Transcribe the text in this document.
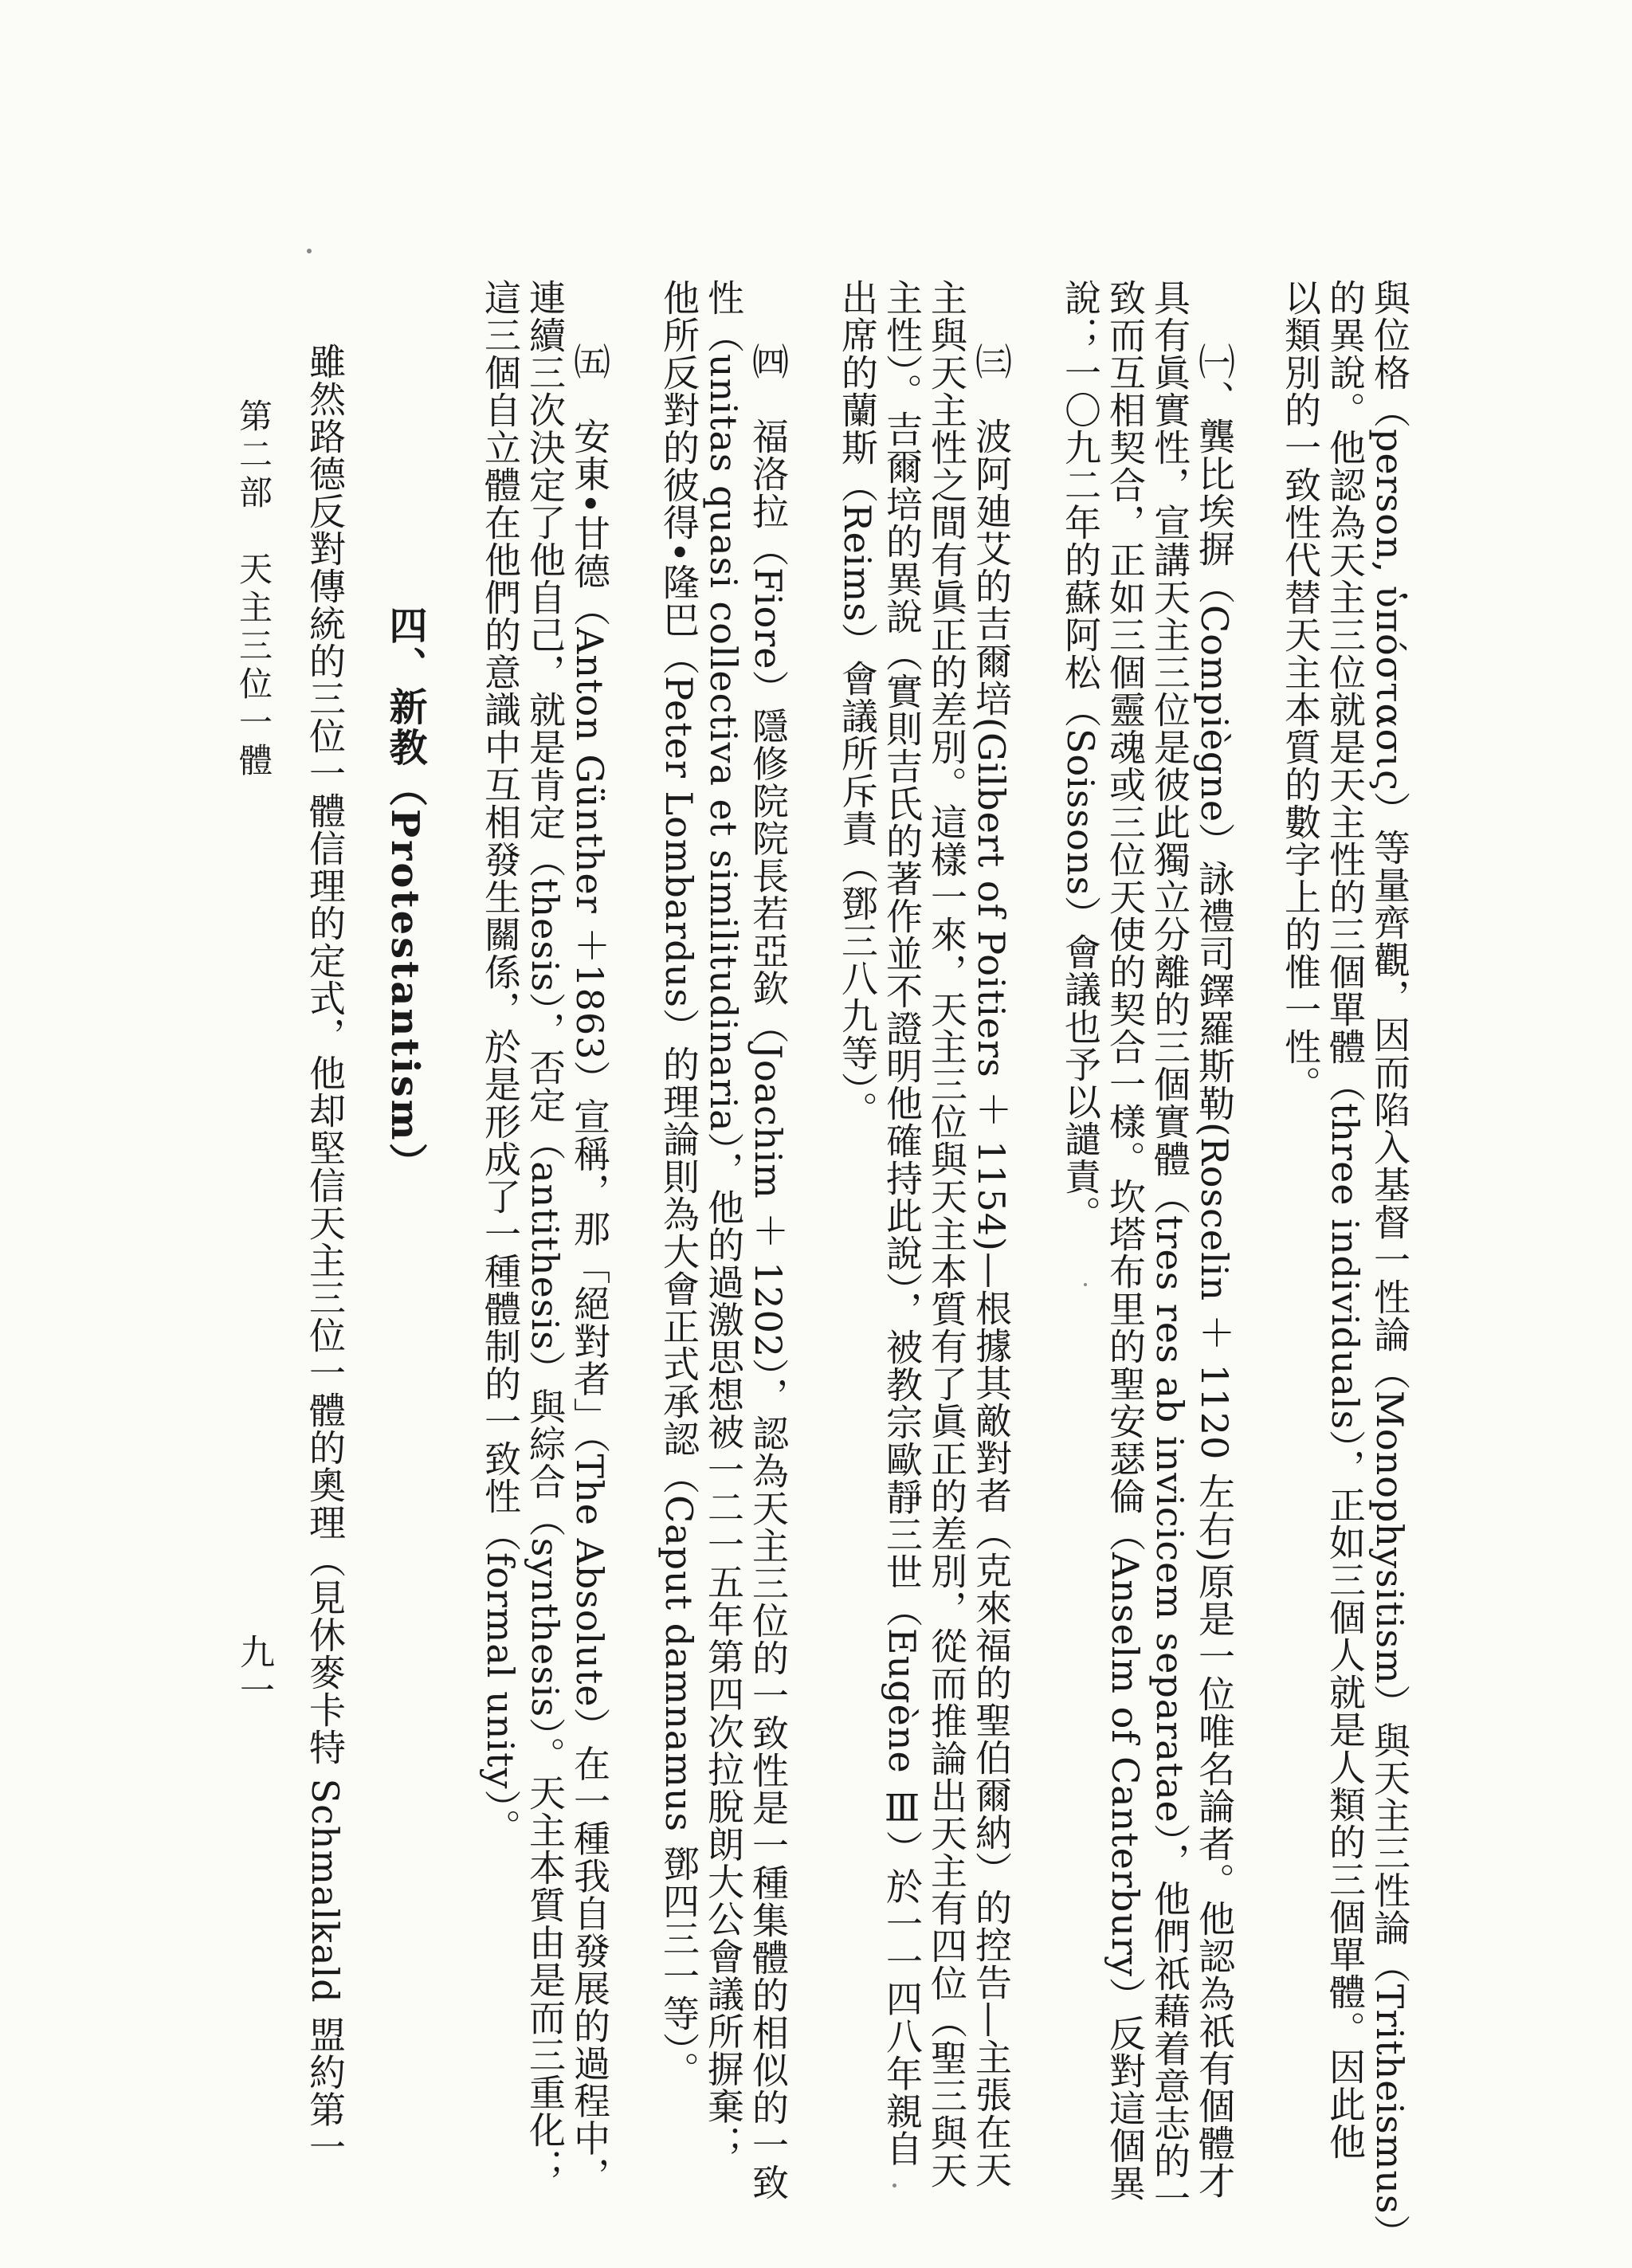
與位格（person, ὑπόστασις）等量齊觀，因而陷入基督一性論（Monophysitism）與天主三性論（Tritheismus）
的異說。他認為天主三位就是天主性的三個單體（three individuals），正如三個人就是人類的三個單體。因此他
以類別的一致性代替天主本質的數字上的惟一性。
㈠、龔比埃摒（Compiègne）詠禮司鐸羅斯勒(Roscelin ＋ 1120 左右)原是一位唯名論者。他認為祇有個體才
具有眞實性，宣講天主三位是彼此獨立分離的三個實體（tres res ab invicicem separatae），他們祇藉着意志的一
致而互相契合，正如三個靈魂或三位天使的契合一樣。坎塔布里的聖安瑟倫（Anselm of Canterbury）反對這個異
說；一〇九二年的蘇阿松（Soissons）會議也予以譴責。
㈢　波阿廸艾的吉爾培(Gilbert of Poitiers ＋ 1154)—根據其敵對者（克來福的聖伯爾納）的控告—主張在天
主與天主性之間有眞正的差別。這樣一來，天主三位與天主本質有了眞正的差別，從而推論出天主有四位（聖三與天
主性）。吉爾培的異說（實則吉氏的著作並不證明他確持此說），被教宗歐靜三世（Eugène Ⅲ）於一一四八年親自
出席的蘭斯（Reims）會議所斥責（鄧三八九等）。
㈣　福洛拉（Fiore）隱修院院長若亞欽（Joachim ＋ 1202），認為天主三位的一致性是一種集體的相似的一致
性（unitas quasi collectiva et similitudinaria），他的過激思想被一二一五年第四次拉脫朗大公會議所摒棄；
他所反對的彼得•隆巴（Peter Lombardus）的理論則為大會正式承認（Caput damnamus 鄧四三一等）。
㈤　安東•甘德（Anton Günther ＋1863）宣稱，那「絕對者」（The Absolute）在一種我自發展的過程中，
連續三次決定了他自己，就是肯定（thesis），否定（antithesis）與綜合（synthesis）。天主本質由是而三重化；
這三個自立體在他們的意識中互相發生關係，於是形成了一種體制的一致性（formal unity）。
四、新教（Protestantism）
雖然路德反對傳統的三位一體信理的定式，他却堅信天主三位一體的奧理（見休麥卡特 Schmalkald 盟約第一
第二部　天主三位一體
九一
